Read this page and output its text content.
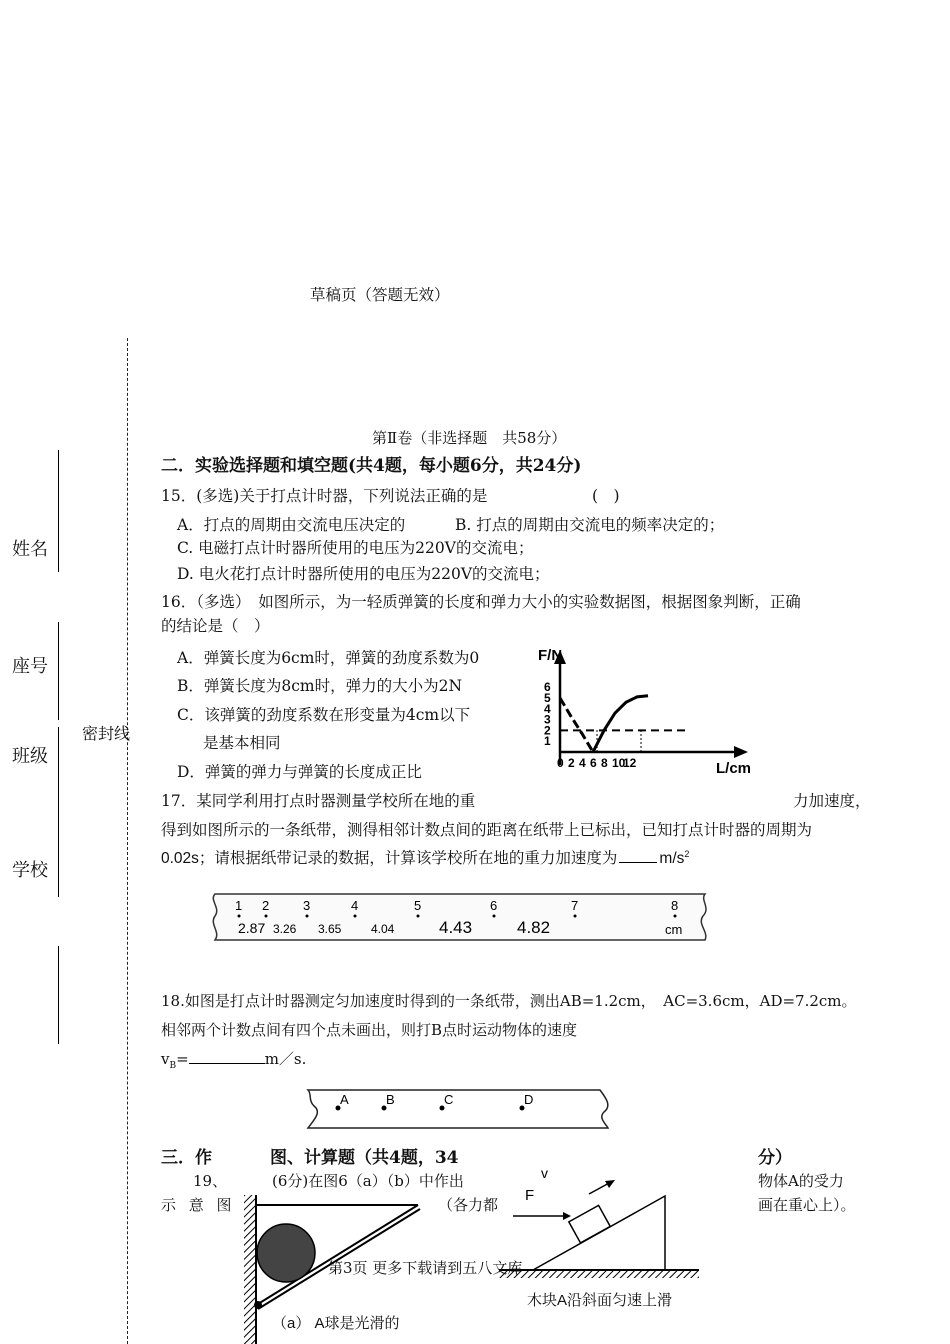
草稿页（答题无效）
姓名
座号
班级
学校
密封线
第Ⅱ卷（非选择题　共58分）
二．实验选择题和填空题(共4题，每小题6分，共24分)
15．(多选)关于打点计时器，下列说法正确的是	(　)
A．打点的周期由交流电压决定的	B. 打点的周期由交流电的频率决定的；
C. 电磁打点计时器所使用的电压为220V的交流电；
D. 电火花打点计时器所使用的电压为220V的交流电；
16．（多选）　如图所示，为一轻质弹簧的长度和弹力大小的实验数据图，根据图象判断，正确
的结论是（　）
A．弹簧长度为6cm时，弹簧的劲度系数为0
B．弹簧长度为8cm时，弹力的大小为2N
C．该弹簧的劲度系数在形变量为4cm以下
是基本相同
D．弹簧的弹力与弹簧的长度成正比
F/N
L/cm
0 2 4 6 8 10
12
1
2
3
4
5
6
17．某同学利用打点时器测量学校所在地的重	力加速度，
得到如图所示的一条纸带，测得相邻计数点间的距离在纸带上已标出，已知打点计时器的周期为
0.02s；请根据纸带记录的数据，计算该学校所在地的重力加速度为	$m/s^2$
1 2	3	4	5	6	7	8
2.87 3.26 3.65 4.04	4.43	4.82	cm
18.如图是打点计时器测定匀加速度时得到的一条纸带，测出AB=1.2cm，　AC=3.6cm，AD=7.2cm。
相邻两个计数点间有四个点未画出，则打B点时运动物体的速度
$v_B=$	m／s.
A	B	C	D
三．作	图、计算题（共4题，34	分）
19、	(6分)在图6（a）（b）中作出	物体A的受力
示 意 图	（各力都	画在重心上）。
v
F
第3页 更多下载请到五八文库
木块A沿斜面匀速上滑
（a） A球是光滑的
